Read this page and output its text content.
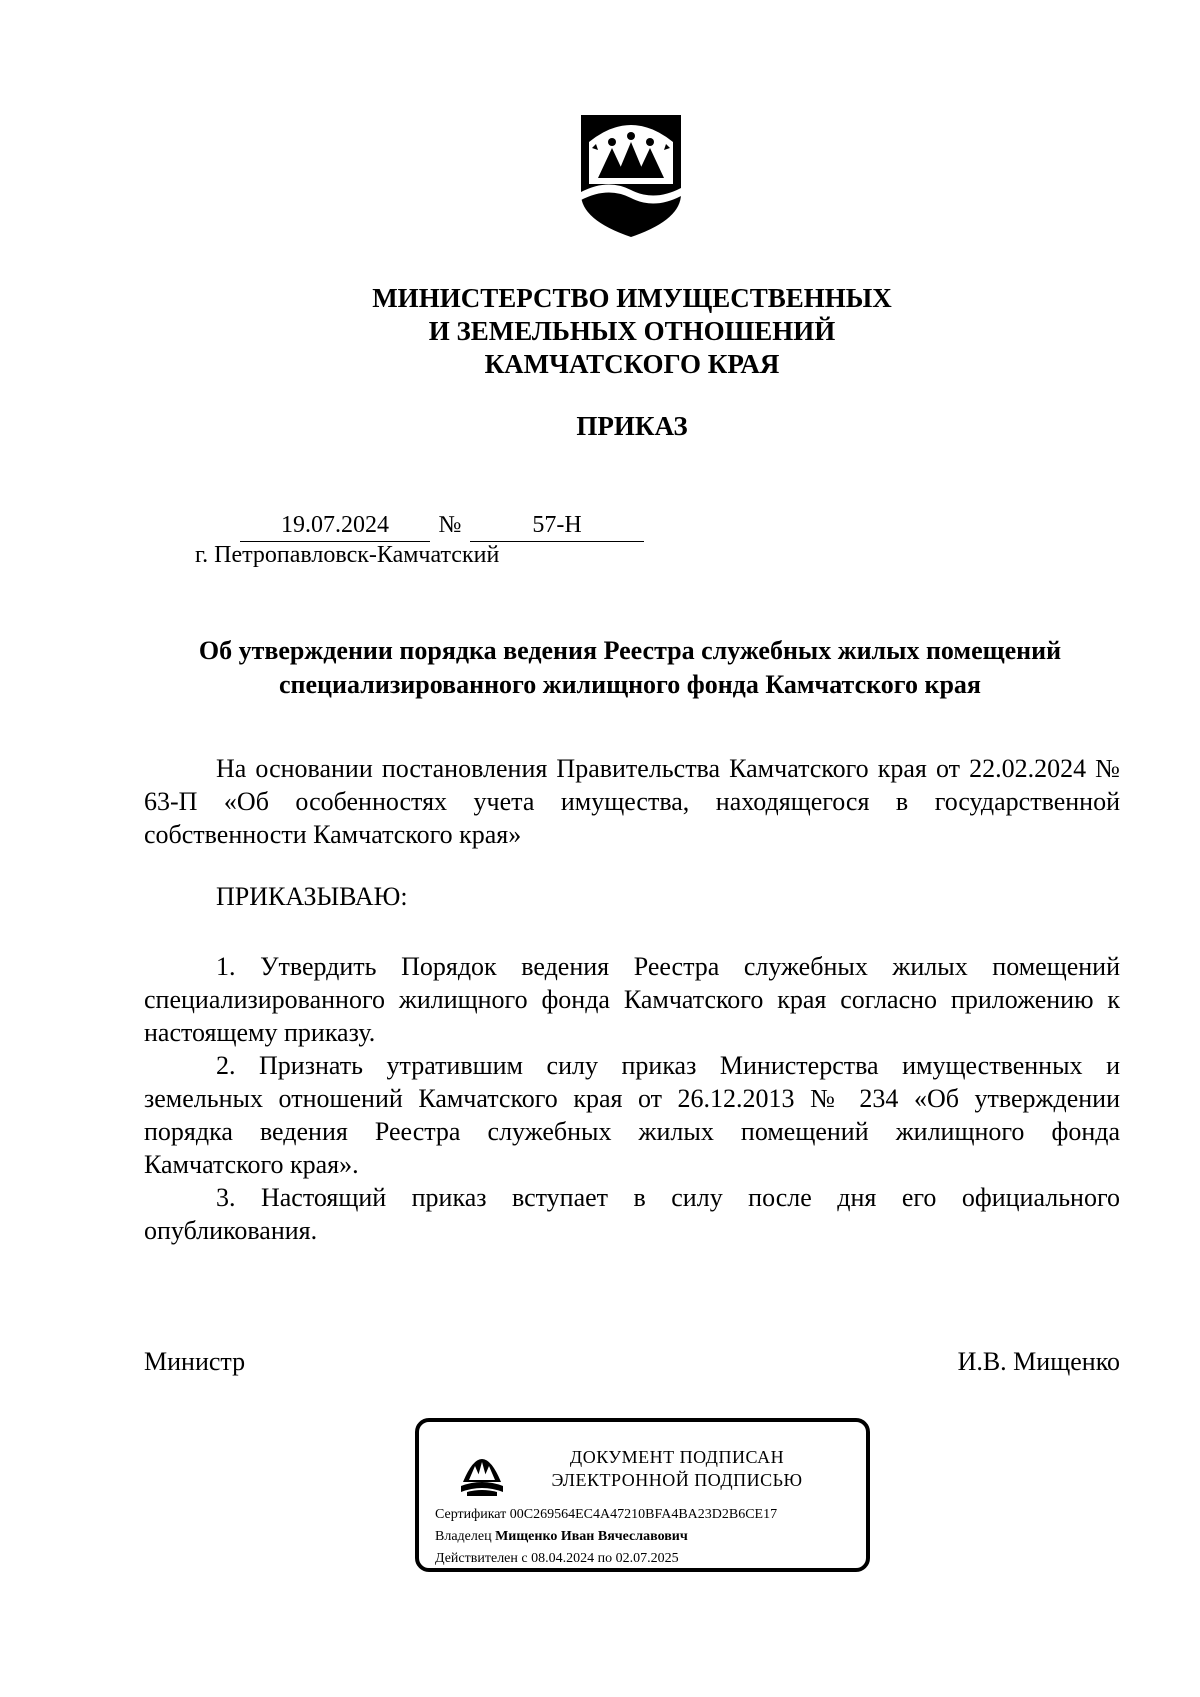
МИНИСТЕРСТВО ИМУЩЕСТВЕННЫХ
И ЗЕМЕЛЬНЫХ ОТНОШЕНИЙ
КАМЧАТСКОГО КРАЯ
ПРИКАЗ
19.07.2024	№	57-Н
г. Петропавловск-Камчатский
Об утверждении порядка ведения Реестра служебных жилых помещений
специализированного жилищного фонда Камчатского края
На основании постановления Правительства Камчатского края от 22.02.2024 № 63-П «Об особенностях учета имущества, находящегося в государственной собственности Камчатского края»
ПРИКАЗЫВАЮ:

1. Утвердить Порядок ведения Реестра служебных жилых помещений специализированного жилищного фонда Камчатского края согласно приложению к настоящему приказу.

2. Признать утратившим силу приказ Министерства имущественных и земельных отношений Камчатского края от 26.12.2013 № 234 «Об утверждении порядка ведения Реестра служебных жилых помещений жилищного фонда Камчатского края».

3. Настоящий приказ вступает в силу после дня его официального опубликования.

Министр	И.В. Мищенко
ДОКУМЕНТ ПОДПИСАН
ЭЛЕКТРОННОЙ ПОДПИСЬЮ
Сертификат 00C269564EC4A47210BFA4BA23D2B6CE17
Владелец Мищенко Иван Вячеславович
Действителен с 08.04.2024 по 02.07.2025
